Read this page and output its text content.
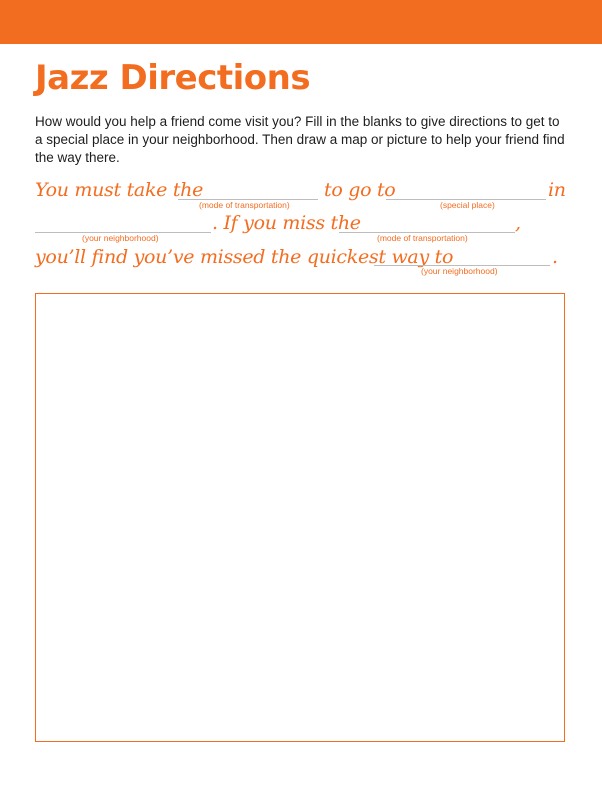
Jazz Directions

How would you help a friend come visit you? Fill in the blanks to give directions to get to a special place in your neighborhood. Then draw a map or picture to help your friend find the way there.

You must take the
(mode of transportation)
to go to
(special place)
in
(your neighborhood)
. If you miss the
(mode of transportation)
,
you’ll find you’ve missed the quickest way to
(your neighborhood)
.
